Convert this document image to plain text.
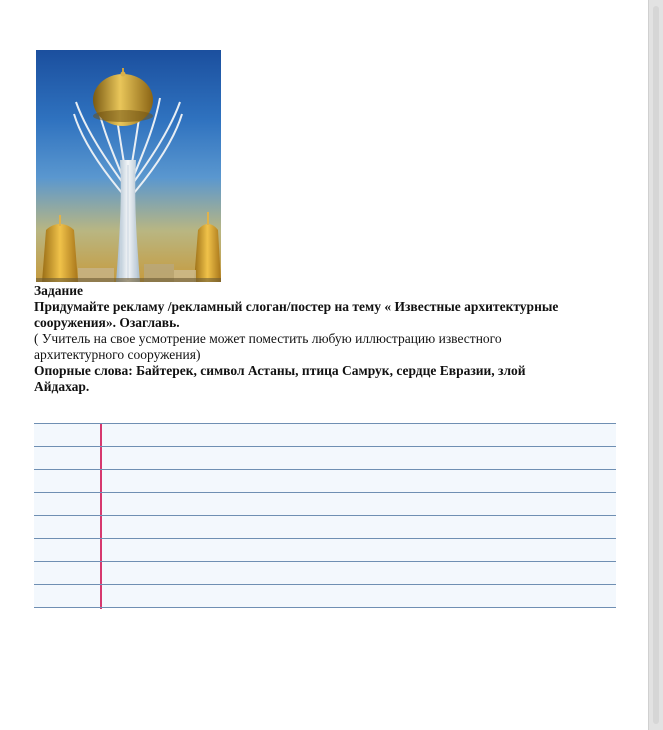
Задание

Придумайте рекламу /рекламный слоган/постер на тему « Известные архитектурные

сооружения». Озаглавь.

( Учитель на свое усмотрение может поместить любую иллюстрацию известного

архитектурного сооружения)

Опорные слова: Байтерек, символ Астаны, птица Самрук, сердце Евразии, злой

Айдахар.
